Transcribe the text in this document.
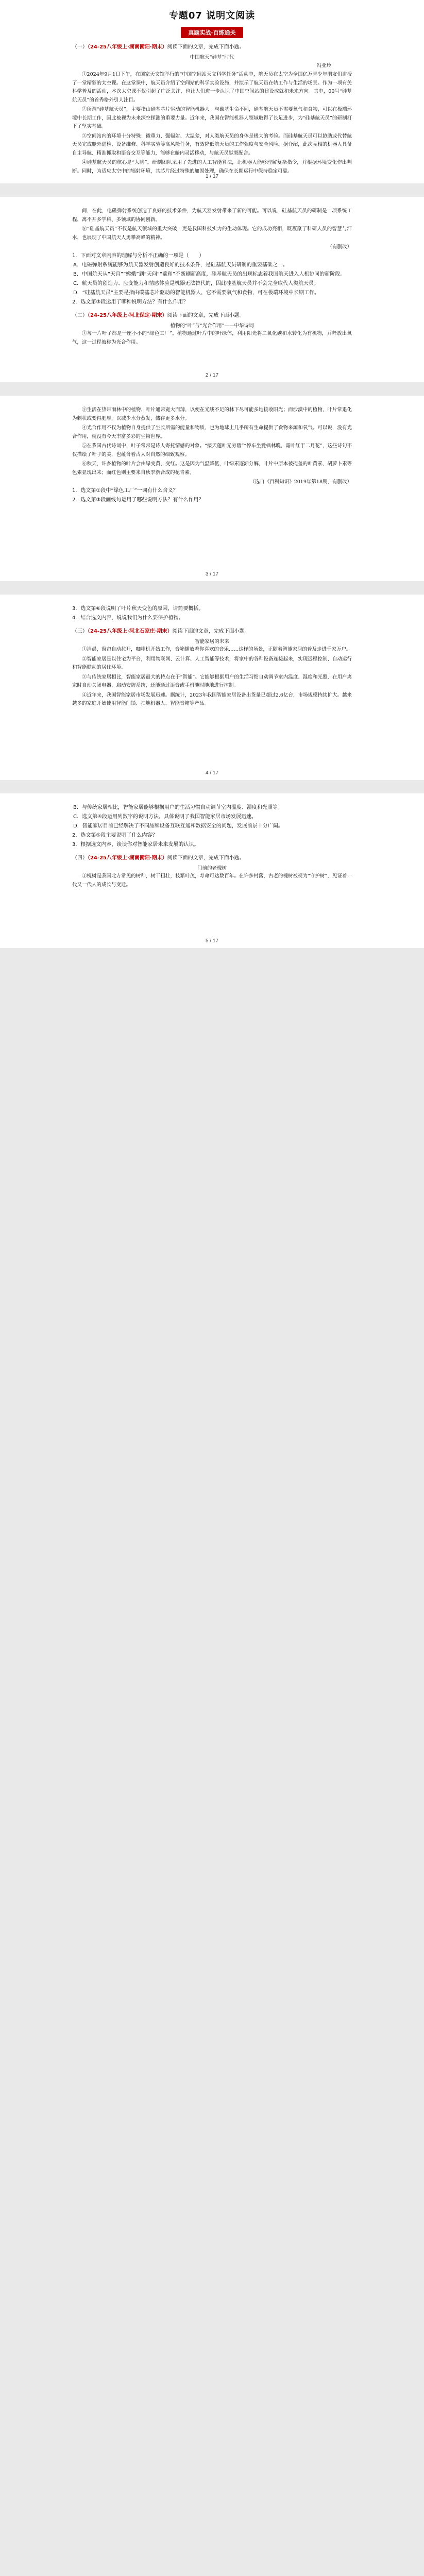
专题07 说明文阅读
真题实战·百练通关
（一）（24-25八年级上·湖南衡阳·期末）阅读下面的文章，完成下面小题。
中国航天“硅基”时代
冯亚玲

①2024年9月1日下午，在国家天文馆举行的“中国空间站天文科学任务”活动中，航天员在太空为全国亿万青少年朋友们讲授了一堂精彩的太空课。在这堂课中，航天员介绍了空间站的科学实验设施，并演示了航天员在轨工作与生活的场景。作为一项有关科学普及的活动，本次太空课不仅引起了广泛关注，也让人们进一步认识了中国空间站的建设成就和未来方向。其中，00号“硅基航天员”的首秀格外引人注目。

②所谓“硅基航天员”，主要指由硅基芯片驱动的智能机器人。与碳基生命不同，硅基航天员不需要氧气和食物，可以在极端环境中长期工作，因此被视为未来深空探测的重要力量。近年来，我国在智能机器人领域取得了长足进步，为“硅基航天员”的研制打下了坚实基础。

③空间站内的环境十分特殊：微重力、强辐射、大温差，对人类航天员的身体是极大的考验。而硅基航天员可以协助或代替航天员完成舱外巡检、设备维修、科学实验等高风险任务，有效降低航天员的工作强度与安全风险。据介绍，此次亮相的机器人具备自主导航、精准抓取和语音交互等能力，能够在舱内灵活移动，与航天员默契配合。

④硅基航天员的核心是“大脑”。研制团队采用了先进的人工智能算法，让机器人能够理解复杂指令，并根据环境变化作出判断。同时，为适应太空中的辐射环境，其芯片经过特殊的加固处理，确保在长期运行中保持稳定可靠。

1 / 17

间，在此，电磁弹射系统创造了良好的技术条件，为航天器发射带来了新的可能。可以说，硅基航天员的研制是一项系统工程，离不开多学科、多领域的协同创新。

⑧“硅基航天员”不仅是航天领域的重大突破，更是我国科技实力的生动体现。它的成功亮相，既凝聚了科研人员的智慧与汗水，也展现了中国航天人勇攀高峰的精神。

（有删改）

1．下面对文章内容的理解与分析不正确的一项是（　　）

A．电磁弹射系统能够为航天器发射创造良好的技术条件，是硅基航天员研制的重要基础之一。

B．中国航天从“天宫”“嫦娥”到“天问”“羲和”不断刷新高度，硅基航天员的出现标志着我国航天进入人机协同的新阶段。

C．航天员的创造力、应变能力和情感体验是机器无法替代的，因此硅基航天员并不会完全取代人类航天员。

D．“硅基航天员”主要是指由碳基芯片驱动的智能机器人，它不需要氧气和食物，可在极端环境中长期工作。

2．选文第③段运用了哪种说明方法？有什么作用？

（二）（24-25八年级上·河北保定·期末）阅读下面的文章，完成下面小题。
植物的“叶”与“光合作用”——中华诗词

①每一片叶子都是一座小小的“绿色工厂”。植物通过叶片中的叶绿体，利用阳光将二氧化碳和水转化为有机物，并释放出氧气，这一过程被称为光合作用。

2 / 17

③生活在热带雨林中的植物，叶片通常宽大而薄，以便在光线不足的林下尽可能多地接收阳光；而沙漠中的植物，叶片常退化为刺状或变得肥厚，以减少水分蒸发，储存更多水分。

④光合作用不仅为植物自身提供了生长所需的能量和物质，也为地球上几乎所有生命提供了食物来源和氧气。可以说，没有光合作用，就没有今天丰富多彩的生物世界。

⑤在我国古代诗词中，叶子常常是诗人寄托情感的对象。“接天莲叶无穷碧”“停车坐爱枫林晚，霜叶红于二月花”，这些诗句不仅描绘了叶子的美，也蕴含着古人对自然的细致观察。

⑥秋天，许多植物的叶片会由绿变黄、变红。这是因为气温降低，叶绿素逐渐分解，叶片中原本被掩盖的叶黄素、胡萝卜素等色素显现出来；而红色则主要来自秋季新合成的花青素。

（选自《百科知识》2019年第18期，有删改）

1．选文第①段中“绿色工厂”一词有什么含义？

2．选文第③段画线句运用了哪些说明方法？有什么作用？

3 / 17

3．选文第⑥段说明了叶片秋天变色的原因，请简要概括。

4．结合选文内容，说说我们为什么要保护植物。

（三）（24-25八年级上·河北石家庄·期末）阅读下面的文章，完成下面小题。
智能家居的未来

①清晨，窗帘自动拉开，咖啡机开始工作，音箱播放着你喜欢的音乐……这样的场景，正随着智能家居的普及走进千家万户。

②智能家居是以住宅为平台，利用物联网、云计算、人工智能等技术，将家中的各种设备连接起来，实现远程控制、自动运行和智能联动的居住环境。

③与传统家居相比，智能家居最大的特点在于“智能”。它能够根据用户的生活习惯自动调节室内温度、湿度和光照，在用户离家时自动关闭电器、启动安防系统，还能通过语音或手机随时随地进行控制。

④近年来，我国智能家居市场发展迅速。据统计，2023年我国智能家居设备出货量已超过2.6亿台，市场规模持续扩大。越来越多的家庭开始使用智能门锁、扫地机器人、智能音箱等产品。

4 / 17

B．与传统家居相比，智能家居能够根据用户的生活习惯自动调节室内温度、湿度和光照等。

C．选文第④段运用列数字的说明方法，具体说明了我国智能家居市场发展迅速。

D．智能家居目前已经解决了不同品牌设备互联互通和数据安全的问题，发展前景十分广阔。

2．选文第⑤段主要说明了什么内容？

3．根据选文内容，谈谈你对智能家居未来发展的认识。

（四）（24-25八年级上·湖南衡阳·期末）阅读下面的文章，完成下面小题。
门前的老槐树

①槐树是我国北方常见的树种，树干粗壮，枝繁叶茂，寿命可达数百年。在许多村落，古老的槐树被视为“守护树”，见证着一代又一代人的成长与变迁。

5 / 17
